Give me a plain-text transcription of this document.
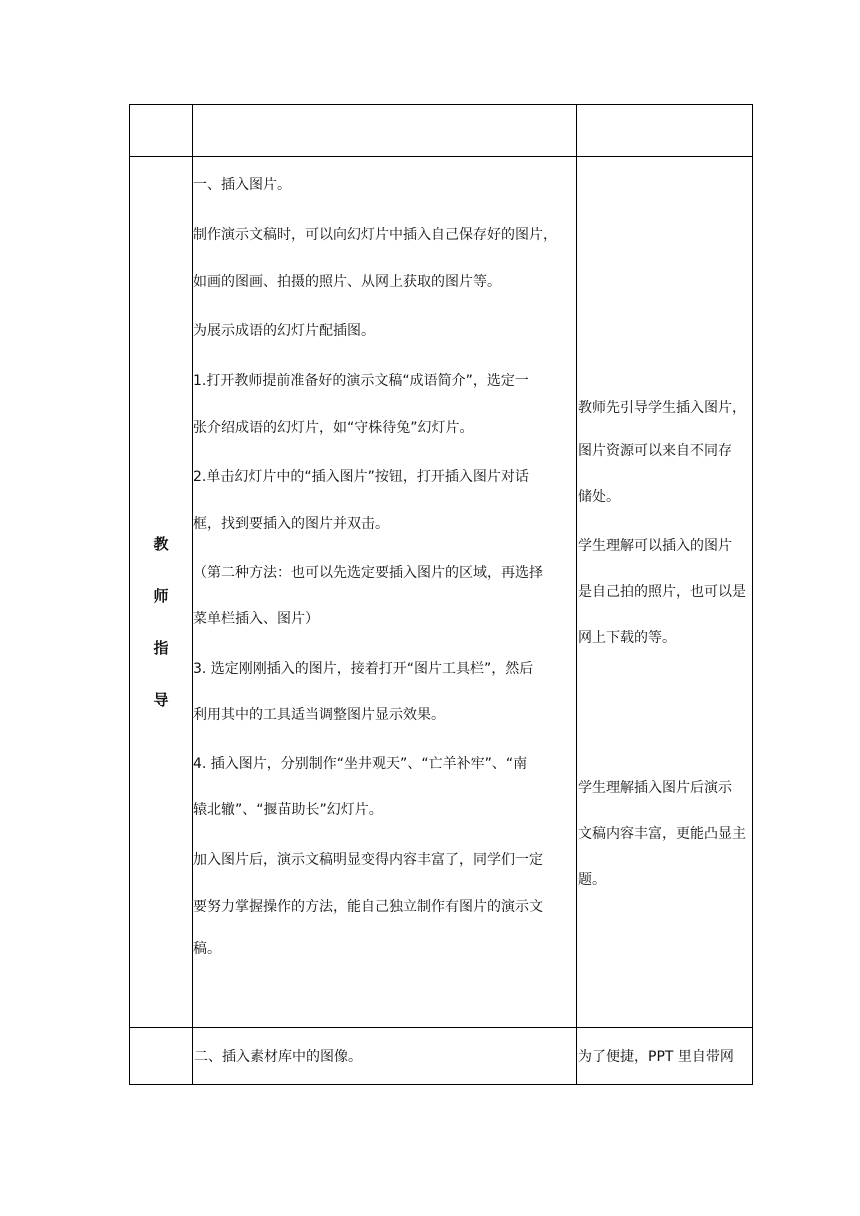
教
师
指
导
一、插入图片。
制作演示文稿时，可以向幻灯片中插入自己保存好的图片，
如画的图画、拍摄的照片、从网上获取的图片等。
为展示成语的幻灯片配插图。
1.打开教师提前准备好的演示文稿“成语简介”，选定一
张介绍成语的幻灯片，如“守株待兔”幻灯片。
2.单击幻灯片中的“插入图片”按钮，打开插入图片对话
框，找到要插入的图片并双击。
（第二种方法：也可以先选定要插入图片的区域，再选择
菜单栏插入、图片）
3. 选定刚刚插入的图片，接着打开“图片工具栏”，然后
利用其中的工具适当调整图片显示效果。
4. 插入图片，分别制作“坐井观天”、“亡羊补牢”、“南
辕北辙”、“揠苗助长”幻灯片。
加入图片后，演示文稿明显变得内容丰富了，同学们一定
要努力掌握操作的方法，能自己独立制作有图片的演示文
稿。
教师先引导学生插入图片，
图片资源可以来自不同存
储处。
学生理解可以插入的图片
是自己拍的照片，也可以是
网上下载的等。
学生理解插入图片后演示
文稿内容丰富，更能凸显主
题。
二、插入素材库中的图像。	为了便捷，PPT 里自带网
